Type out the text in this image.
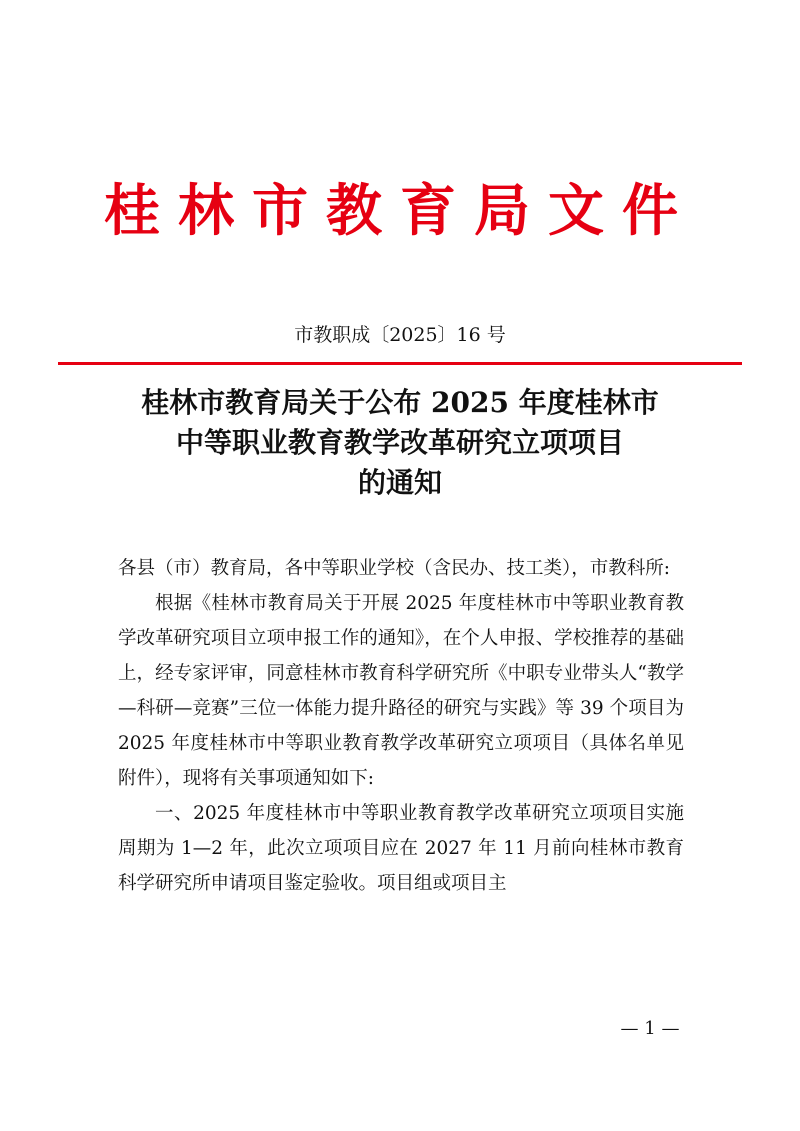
桂林市教育局文件
市教职成〔2025〕16 号
桂林市教育局关于公布 2025 年度桂林市
中等职业教育教学改革研究立项项目
的通知

各县（市）教育局，各中等职业学校（含民办、技工类），市教科所:

根据《桂林市教育局关于开展 2025 年度桂林市中等职业教育教学改革研究项目立项申报工作的通知》，在个人申报、学校推荐的基础上，经专家评审，同意桂林市教育科学研究所《中职专业带头人“教学—科研—竞赛”三位一体能力提升路径的研究与实践》等 39 个项目为 2025 年度桂林市中等职业教育教学改革研究立项项目（具体名单见附件），现将有关事项通知如下:

一、2025 年度桂林市中等职业教育教学改革研究立项项目实施周期为 1—2 年，此次立项项目应在 2027 年 11 月前向桂林市教育科学研究所申请项目鉴定验收。项目组或项目主

— 1 —
